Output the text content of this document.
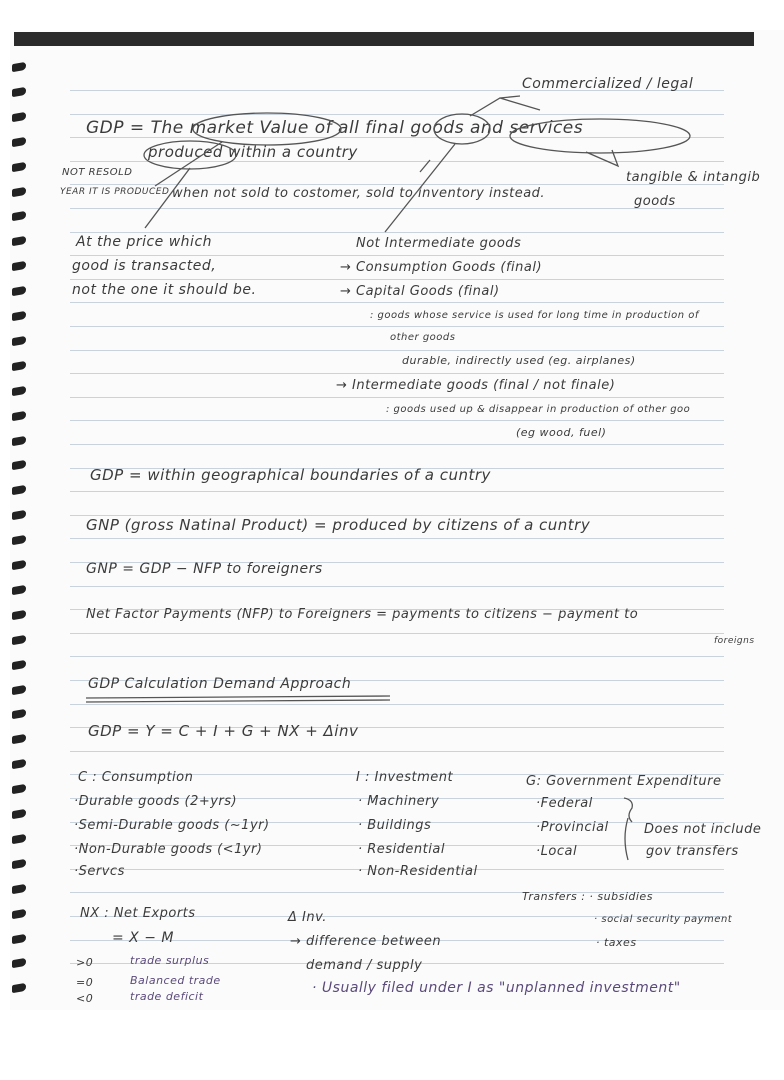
Commercialized / legal
GDP = The market Value of all final goods and services
produced within a country
NOT RESOLD
YEAR IT IS PRODUCED when not sold to costomer, sold to inventory instead.
tangible & intangib
goods
At the price which
good is transacted,
not the one it should be.
Not Intermediate goods
→ Consumption Goods (final)
→ Capital Goods (final)
: goods whose service is used for long time in production of
other goods
durable, indirectly used (eg. airplanes)
→ Intermediate goods (final / not finale)
: goods used up & disappear in production of other goo
(eg wood, fuel)
GDP = within geographical boundaries of a cuntry
GNP (gross Natinal Product) = produced by citizens of a cuntry
GNP = GDP − NFP to foreigners
Net Factor Payments (NFP) to Foreigners = payments to citizens − payment to
foreigns
GDP Calculation Demand Approach
GDP = Y = C + I + G + NX + Δinv
C : Consumption
·Durable goods (2+yrs)
·Semi-Durable goods (~1yr)
·Non-Durable goods (<1yr)
·Servcs
I : Investment
· Machinery
· Buildings
· Residential
· Non-Residential
G: Government Expenditure
·Federal
·Provincial
·Local
Does not include
gov transfers
Transfers : · subsidies
· social security payment
· taxes
NX : Net Exports
= X − M
>0	trade surplus
=0	Balanced trade
<0	trade deficit
Δ Inv.
→ difference between
demand / supply
· Usually filed under I as "unplanned investment"
